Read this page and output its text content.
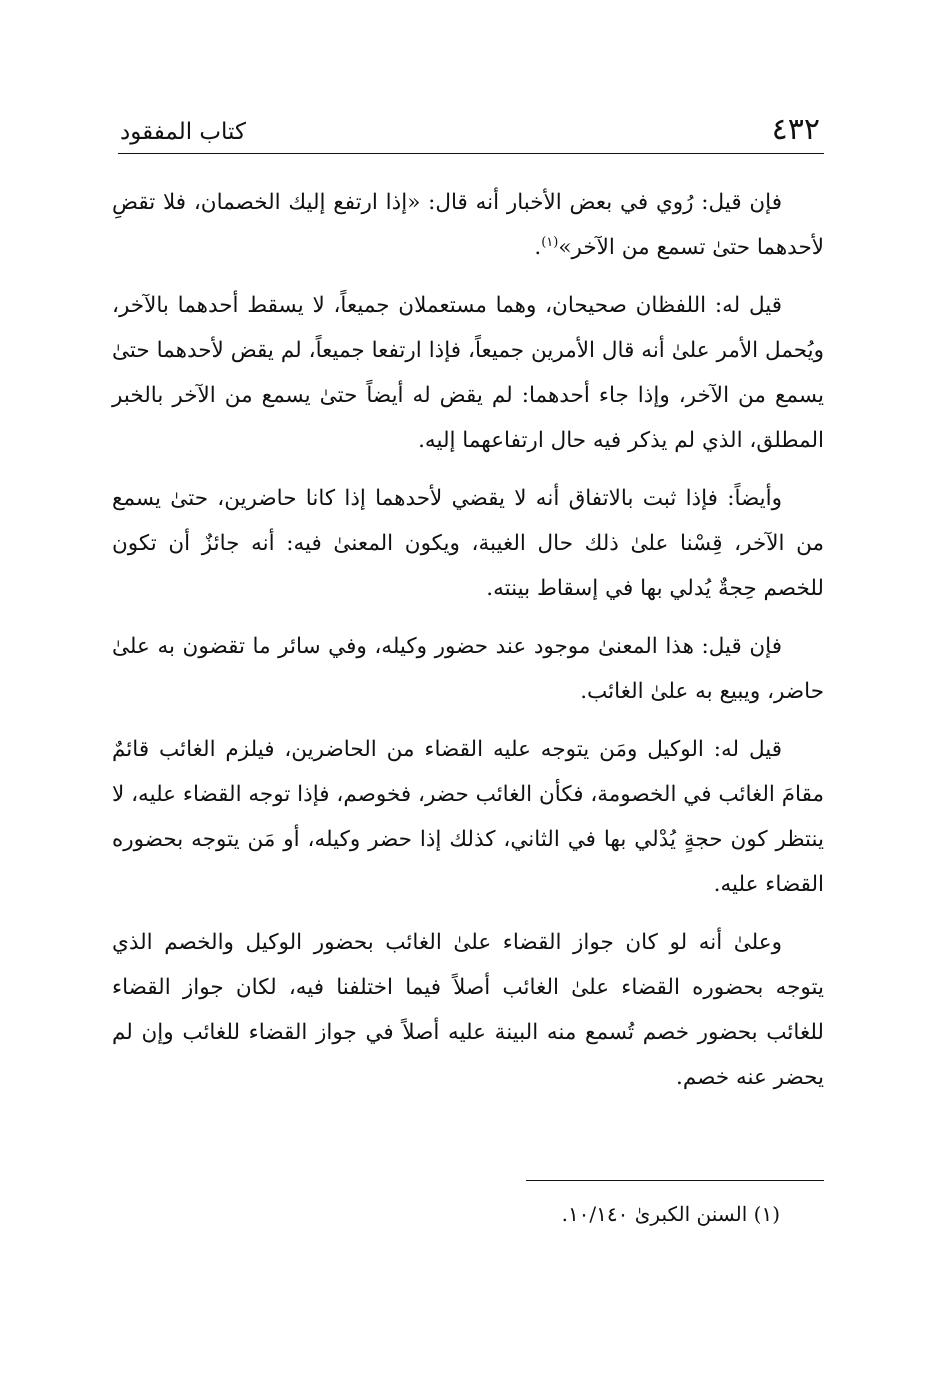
٤٣٢
كتاب المفقود

فإن قيل: رُوي في بعض الأخبار أنه قال: «إذا ارتفع إليك الخصمان، فلا تقضِ لأحدهما حتىٰ تسمع من الآخر»$^{(١)}$.

قيل له: اللفظان صحيحان، وهما مستعملان جميعاً، لا يسقط أحدهما بالآخر، ويُحمل الأمر علىٰ أنه قال الأمرين جميعاً، فإذا ارتفعا جميعاً، لم يقض لأحدهما حتىٰ يسمع من الآخر، وإذا جاء أحدهما: لم يقض له أيضاً حتىٰ يسمع من الآخر بالخبر المطلق، الذي لم يذكر فيه حال ارتفاعهما إليه.

وأيضاً: فإذا ثبت بالاتفاق أنه لا يقضي لأحدهما إذا كانا حاضرين، حتىٰ يسمع من الآخر، قِسْنا علىٰ ذلك حال الغيبة، ويكون المعنىٰ فيه: أنه جائزٌ أن تكون للخصم حِجةٌ يُدلي بها في إسقاط بينته.

فإن قيل: هذا المعنىٰ موجود عند حضور وكيله، وفي سائر ما تقضون به علىٰ حاضر، ويبيع به علىٰ الغائب.

قيل له: الوكيل ومَن يتوجه عليه القضاء من الحاضرين، فيلزم الغائب قائمٌ مقامَ الغائب في الخصومة، فكأن الغائب حضر، فخوصم، فإذا توجه القضاء عليه، لا ينتظر كون حجةٍ يُدْلي بها في الثاني، كذلك إذا حضر وكيله، أو مَن يتوجه بحضوره القضاء عليه.

وعلىٰ أنه لو كان جواز القضاء علىٰ الغائب بحضور الوكيل والخصم الذي يتوجه بحضوره القضاء علىٰ الغائب أصلاً فيما اختلفنا فيه، لكان جواز القضاء للغائب بحضور خصم تُسمع منه البينة عليه أصلاً في جواز القضاء للغائب وإن لم يحضر عنه خصم.

(١) السنن الكبرىٰ ١٠/١٤٠.
